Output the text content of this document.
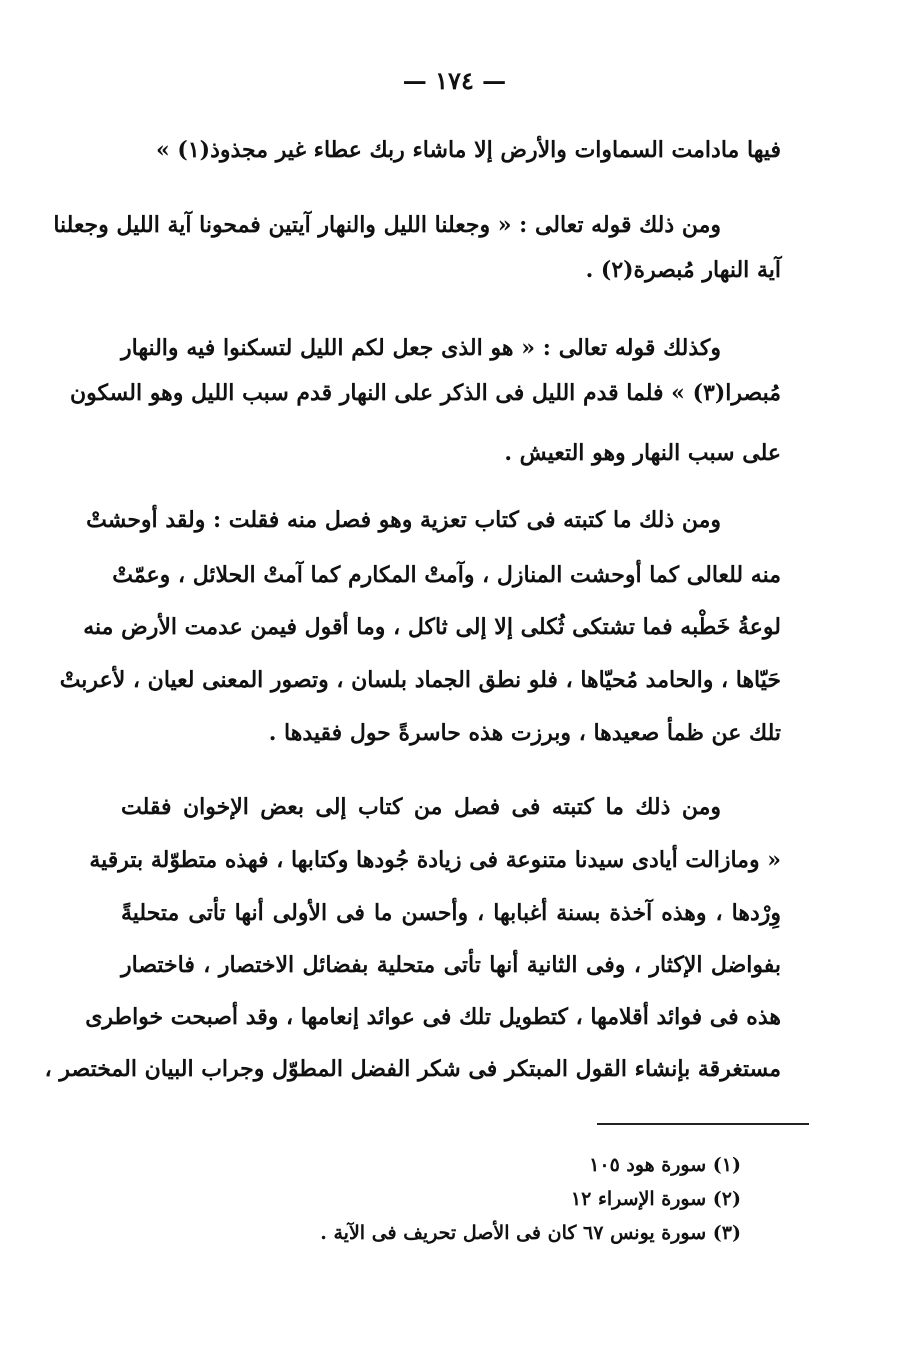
— ١٧٤ —
فيها مادامت السماوات والأرض إلا ماشاء ربك عطاء غير مجذوذ(١) »
ومن ذلك قوله تعالى : « وجعلنا الليل والنهار آيتين فمحونا آية الليل وجعلنا
آية النهار مُبصرة(٢) .
وكذلك قوله تعالى : « هو الذى جعل لكم الليل لتسكنوا فيه والنهار
مُبصرا(٣) » فلما قدم الليل فى الذكر على النهار قدم سبب الليل وهو السكون
على سبب النهار وهو التعيش .
ومن ذلك ما كتبته فى كتاب تعزية وهو فصل منه فقلت : ولقد أوحشتْ
منه للعالى كما أوحشت المنازل ، وآمتْ المكارم كما آمتْ الحلائل ، وعمّتْ
لوعةُ خَطْبه فما تشتكى ثُكلى إلا إلى ثاكل ، وما أقول فيمن عدمت الأرض منه
حَيّاها ، والحامد مُحيّاها ، فلو نطق الجماد بلسان ، وتصور المعنى لعيان ، لأعربتْ
تلك عن ظمأ صعيدها ، وبرزت هذه حاسرةً حول فقيدها .
ومن ذلك ما كتبته فى فصل من كتاب إلى بعض الإخوان فقلت
« ومازالت أيادى سيدنا متنوعة فى زيادة جُودها وكتابها ، فهذه متطوّلة بترقية
وِرْدها ، وهذه آخذة بسنة أغبابها ، وأحسن ما فى الأولى أنها تأتى متحليةً
بفواضل الإكثار ، وفى الثانية أنها تأتى متحلية بفضائل الاختصار ، فاختصار
هذه فى فوائد أقلامها ، كتطويل تلك فى عوائد إنعامها ، وقد أصبحت خواطرى
مستغرقة بإنشاء القول المبتكر فى شكر الفضل المطوّل وجراب البيان المختصر ،
(١) سورة هود ١٠٥
(٢) سورة الإسراء ١٢
(٣) سورة يونس ٦٧ كان فى الأصل تحريف فى الآية .
